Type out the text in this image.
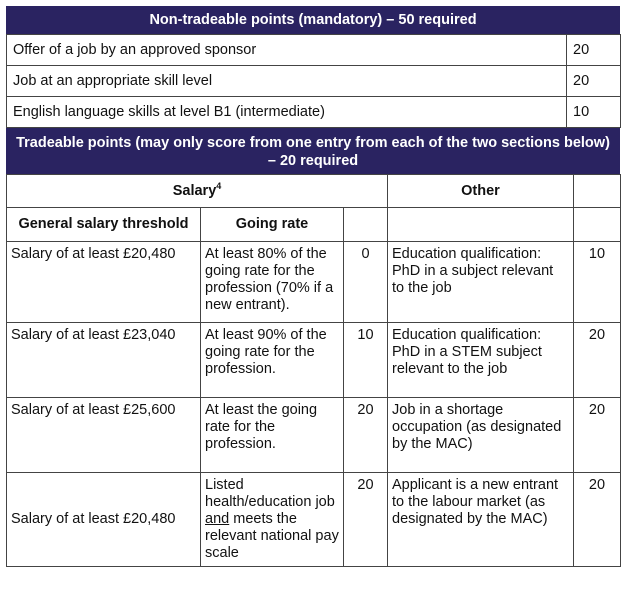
Non-tradeable points (mandatory) – 50 required
Offer of a job by an approved sponsor	20
Job at an appropriate skill level	20
English language skills at level B1 (intermediate)	10
Tradeable points (may only score from one entry from each of the two sections below) – 20 required
Salary$^4$			Other	
General salary threshold	Going rate			
Salary of at least £20,480	At least 80% of the going rate for the profession (70% if a new entrant).	0	Education qualification: PhD in a subject relevant to the job	10
Salary of at least £23,040	At least 90% of the going rate for the profession.	10	Education qualification: PhD in a STEM subject relevant to the job	20
Salary of at least £25,600	At least the going rate for the profession.	20	Job in a shortage occupation (as designated by the MAC)	20
Salary of at least £20,480	Listed health/education job and meets the relevant national pay scale	20	Applicant is a new entrant to the labour market (as designated by the MAC)	20
